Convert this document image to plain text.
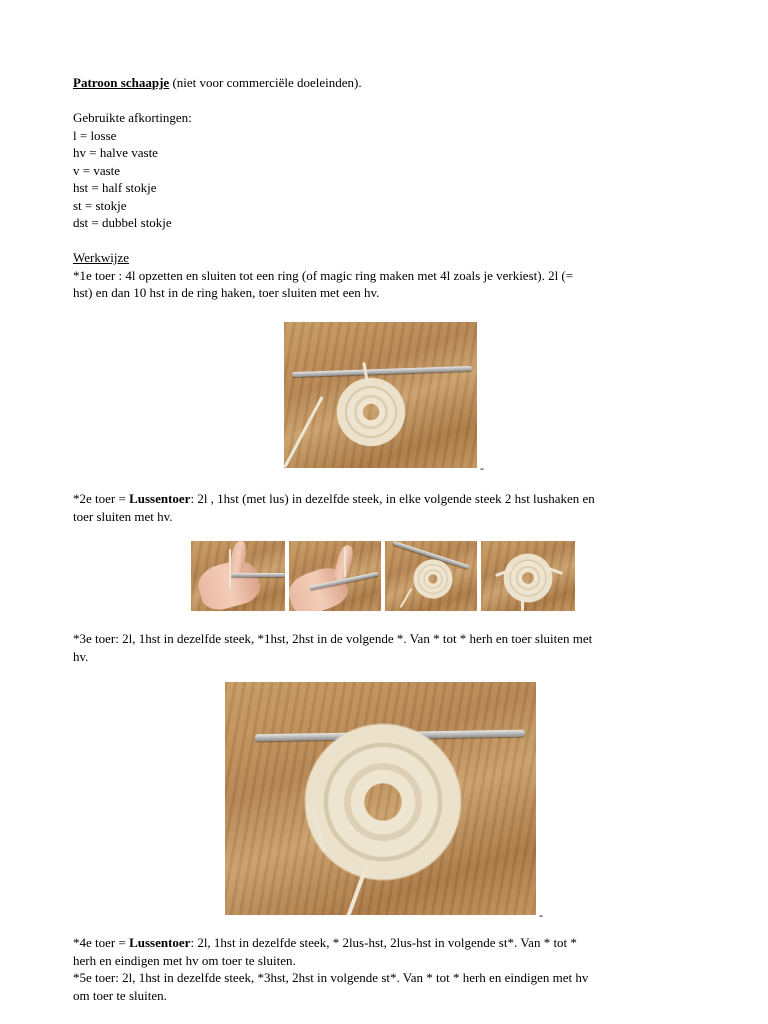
Patroon schaapje (niet voor commerciële doeleinden).
Gebruikte afkortingen:
l = losse
hv = halve vaste
v = vaste
hst = half stokje
st = stokje
dst = dubbel stokje
Werkwijze
*1e toer : 4l opzetten en sluiten tot een ring (of magic ring maken met 4l zoals je verkiest). 2l (=
hst) en dan 10 hst in de ring haken, toer sluiten met een hv.
-
*2e toer = Lussentoer: 2l , 1hst (met lus) in dezelfde steek, in elke volgende steek 2 hst lushaken en
toer sluiten met hv.
*3e toer: 2l, 1hst in dezelfde steek, *1hst, 2hst in de volgende *. Van * tot * herh en toer sluiten met
hv.
-
*4e toer = Lussentoer: 2l, 1hst in dezelfde steek, * 2lus-hst, 2lus-hst in volgende st*. Van * tot *
herh en eindigen met hv om toer te sluiten.
*5e toer: 2l, 1hst in dezelfde steek, *3hst, 2hst in volgende st*. Van * tot * herh en eindigen met hv
om toer te sluiten.
